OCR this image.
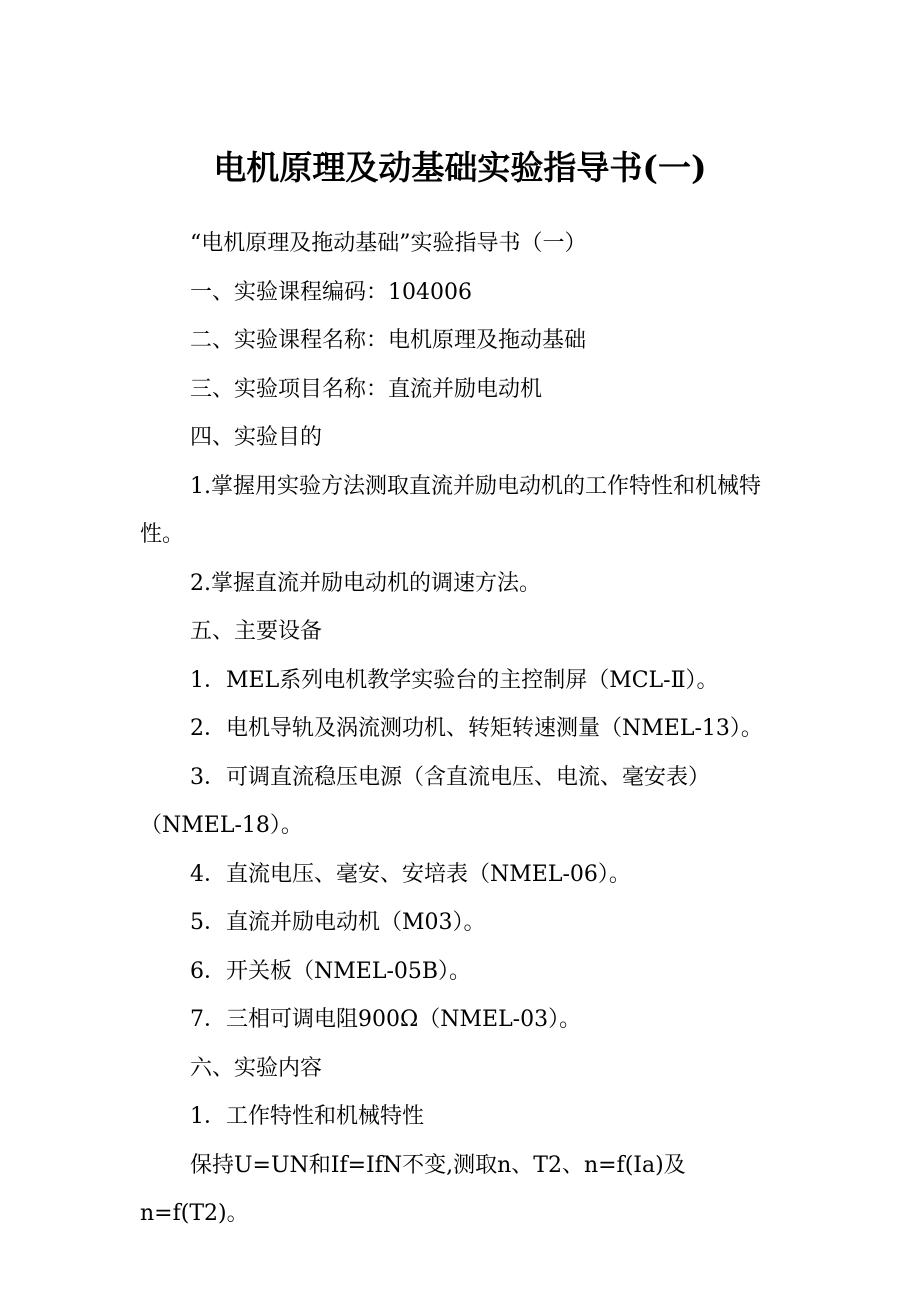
电机原理及动基础实验指导书(一)

“电机原理及拖动基础”实验指导书（一）

一、实验课程编码：104006

二、实验课程名称：电机原理及拖动基础

三、实验项目名称：直流并励电动机

四、实验目的

1.掌握用实验方法测取直流并励电动机的工作特性和机械特性。

2.掌握直流并励电动机的调速方法。

五、主要设备

1．MEL系列电机教学实验台的主控制屏（MCL-Ⅱ）。

2．电机导轨及涡流测功机、转矩转速测量（NMEL-13）。

3．可调直流稳压电源（含直流电压、电流、毫安表）（NMEL-18）。

4．直流电压、毫安、安培表（NMEL-06）。

5．直流并励电动机（M03）。

6．开关板（NMEL-05B）。

7．三相可调电阻900Ω（NMEL-03）。

六、实验内容

1．工作特性和机械特性

保持U=UN和If=IfN不变,测取n、T2、n=f(Ia)及n=f(T2)。
